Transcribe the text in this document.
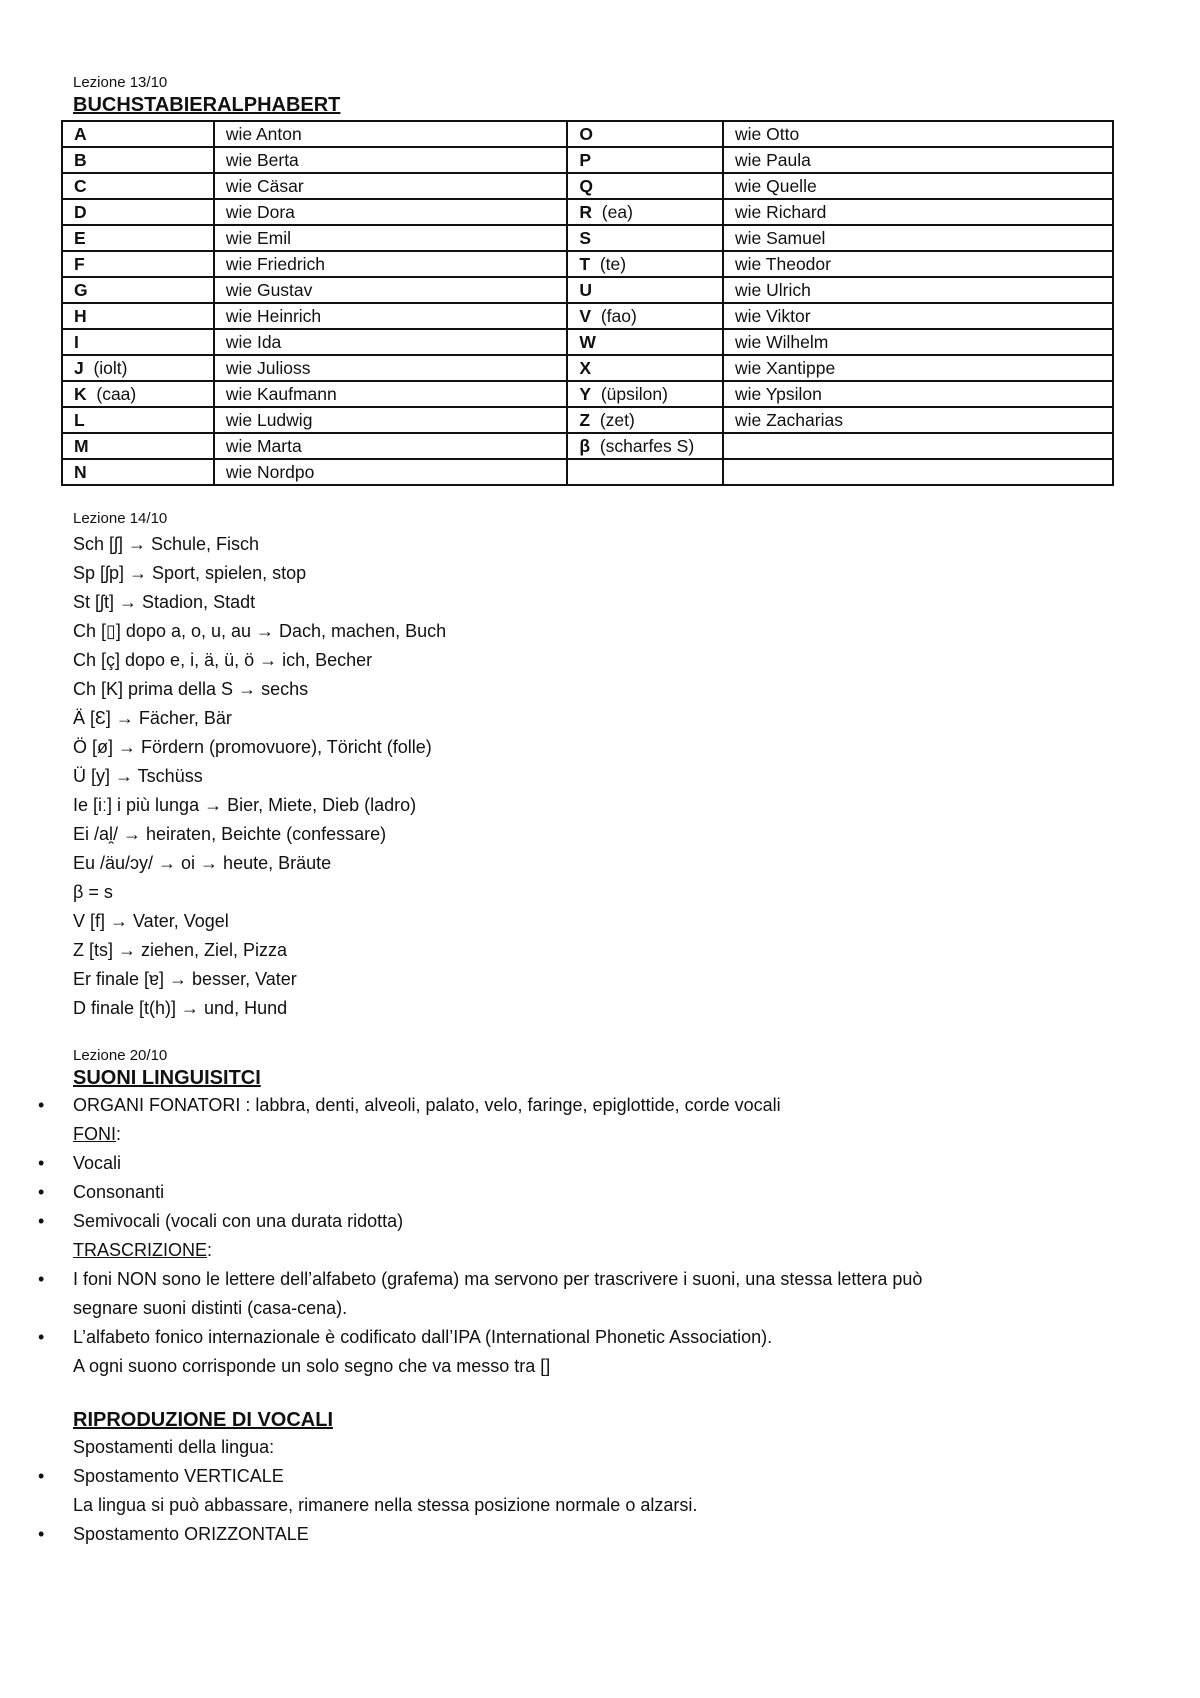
Lezione 13/10
BUCHSTABIERALPHABERT
A	wie Anton	O	wie Otto
B	wie Berta	P	wie Paula
C	wie Cäsar	Q	wie Quelle
D	wie Dora	R (ea)	wie Richard
E	wie Emil	S	wie Samuel
F	wie Friedrich	T (te)	wie Theodor
G	wie Gustav	U	wie Ulrich
H	wie Heinrich	V (fao)	wie Viktor
I	wie Ida	W	wie Wilhelm
J (iolt)	wie Julioss	X	wie Xantippe
K (caa)	wie Kaufmann	Y (üpsilon)	wie Ypsilon
L	wie Ludwig	Z (zet)	wie Zacharias
M	wie Marta	β (scharfes S)	
N	wie Nordpo		
Lezione 14/10
Sch [ʃ] → Schule, Fisch
Sp [ʃp] → Sport, spielen, stop
St [ʃt] → Stadion, Stadt
Ch [▯] dopo a, o, u, au → Dach, machen, Buch
Ch [ç] dopo e, i, ä, ü, ö → ich, Becher
Ch [K] prima della S → sechs
Ä [Ɛ] → Fächer, Bär
Ö [ø] → Fördern (promovuore), Töricht (folle)
Ü [y] → Tschüss
Ie [iː] i più lunga → Bier, Miete, Dieb (ladro)
Ei /al̯/ → heiraten, Beichte (confessare)
Eu /äu/ɔy/ → oi → heute, Bräute
β = s
V [f] → Vater, Vogel
Z [ts] → ziehen, Ziel, Pizza
Er finale [ɐ] → besser, Vater
D finale [t(h)] → und, Hund
Lezione 20/10
SUONI LINGUISITCI
• ORGANI FONATORI : labbra, denti, alveoli, palato, velo, faringe, epiglottide, corde vocali
FONI:
• Vocali
• Consonanti
• Semivocali (vocali con una durata ridotta)
TRASCRIZIONE:
• I foni NON sono le lettere dell’alfabeto (grafema) ma servono per trascrivere i suoni, una stessa lettera può
segnare suoni distinti (casa-cena).
• L’alfabeto fonico internazionale è codificato dall’IPA (International Phonetic Association).
A ogni suono corrisponde un solo segno che va messo tra []
RIPRODUZIONE DI VOCALI
Spostamenti della lingua:
• Spostamento VERTICALE
La lingua si può abbassare, rimanere nella stessa posizione normale o alzarsi.
• Spostamento ORIZZONTALE
